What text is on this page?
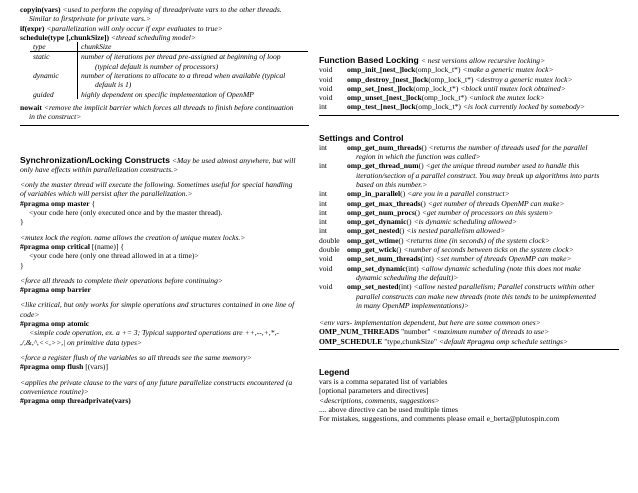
copyin(vars) <used to perform the copying of threadprivate vars to the other threads.
Similar to firstprivate for private vars.>
if(expr) <parallelization will only occur if expr evaluates to true>
schedule(type [,chunkSize]) <thread scheduling model>
type	chunkSize
static	number of iterations per thread pre-assigned at beginning of loop
(typical default is number of processors)

dynamic	number of iterations to allocate to a thread when available (typical
default is 1)

guided	highly dependent on specific implementation of OpenMP
nowait <remove the implicit barrier which forces all threads to finish before continuation
in the construct>
Synchronization/Locking Constructs <May be used almost anywhere, but will
only have effects within parallelization constructs.>
<only the master thread will execute the following. Sometimes useful for special handling
of variables which will persist after the parallelization.>
#pragma omp master {
<your code here (only executed once and by the master thread).
}
<mutex lock the region. name allows the creation of unique mutex locks.>
#pragma omp critical [(name)] {
<your code here (only one thread allowed in at a time)>
}
<force all threads to complete their operations before continuing>
#pragma omp barrier
<like critical, but only works for simple operations and structures contained in one line of
code>
#pragma omp atomic
<simple code operation, ex. a += 3; Typical supported operations are ++,--,+,*,-
,/,&,^,<<,>>,| on primitive data types>
<force a register flush of the variables so all threads see the same memory>
#pragma omp flush [(vars)]
<applies the private clause to the vars of any future parallelize constructs encountered (a
convenience routine)>
#pragma omp threadprivate(vars)
Function Based Locking < nest versions allow recursive locking>
void	omp_init_[nest_]lock(omp_lock_t*) <make a generic mutex lock>
void	omp_destroy_[nest_]lock(omp_lock_t*) <destroy a generic mutex lock>
void	omp_set_[nest_]lock(omp_lock_t*) <block until mutex lock obtained>
void	omp_unset_[nest_]lock(omp_lock_t*) <unlock the mutex lock>
int	omp_test_[nest_]lock(omp_lock_t*) <is lock currently locked by somebody>
Settings and Control
int	omp_get_num_threads() <returns the number of threads used for the parallel
region in which the function was called>

int	omp_get_thread_num() <get the unique thread number used to handle this
iteration/section of a parallel construct. You may break up algorithms into parts
based on this number.>

int	omp_in_parallel() <are you in a parallel construct>
int	omp_get_max_threads() <get number of threads OpenMP can make>
int	omp_get_num_procs() <get number of processors on this system>
int	omp_get_dynamic() <is dynamic scheduling allowed>
int	omp_get_nested() <is nested parallelism allowed>
double	omp_get_wtime() <returns time (in seconds) of the system clock>
double	omp_get_wtick() <number of seconds between ticks on the system clock>
void	omp_set_num_threads(int) <set number of threads OpenMP can make>
void	omp_set_dynamic(int) <allow dynamic scheduling (note this does not make
dynamic scheduling the default)>

void	omp_set_nested(int) <allow nested parallelism; Parallel constructs within other
parallel constructs can make new threads (note this tends to be unimplemented
in many OpenMP implementations)>
<env vars- implementation dependent, but here are some common ones>
OMP_NUM_THREADS "number" <maximum number of threads to use>
OMP_SCHEDULE "type,chunkSize" <default #pragma omp schedule settings>
Legend
vars is a comma separated list of variables
[optional parameters and directives]
<descriptions, comments, suggestions>
.... above directive can be used multiple times
For mistakes, suggestions, and comments please email e_berta@plutospin.com
